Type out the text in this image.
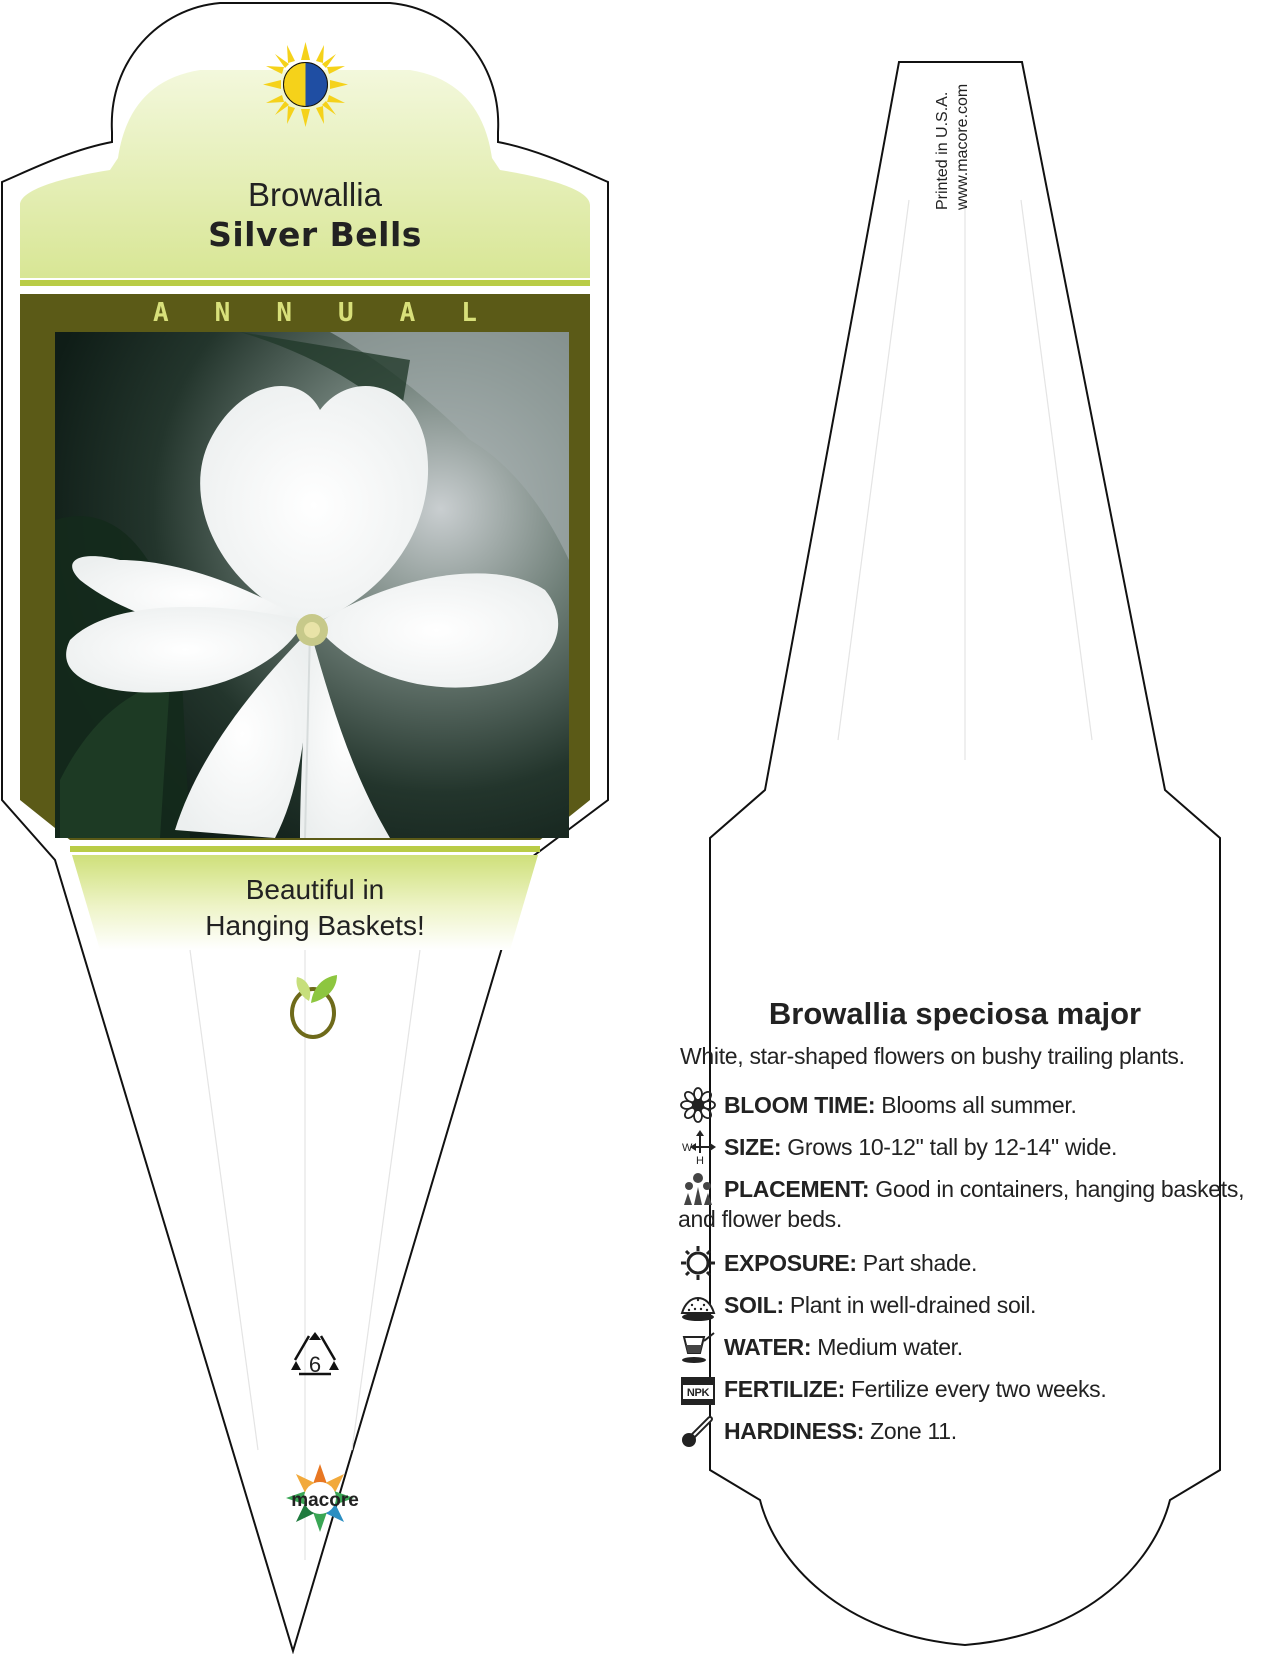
Browallia
Silver Bells
A N N U A L
Beautiful in
Hanging Baskets!
6
macore
Printed in U.S.A. www.macore.com
Browallia speciosa major
White, star-shaped flowers on bushy trailing plants.
BLOOM TIME: Blooms all summer.
W
H
SIZE: Grows 10-12" tall by 12-14" wide.
PLACEMENT: Good in containers, hanging baskets,
and flower beds.
EXPOSURE: Part shade.
SOIL: Plant in well-drained soil.
WATER: Medium water.
NPK FERTILIZE: Fertilize every two weeks.
HARDINESS: Zone 11.
